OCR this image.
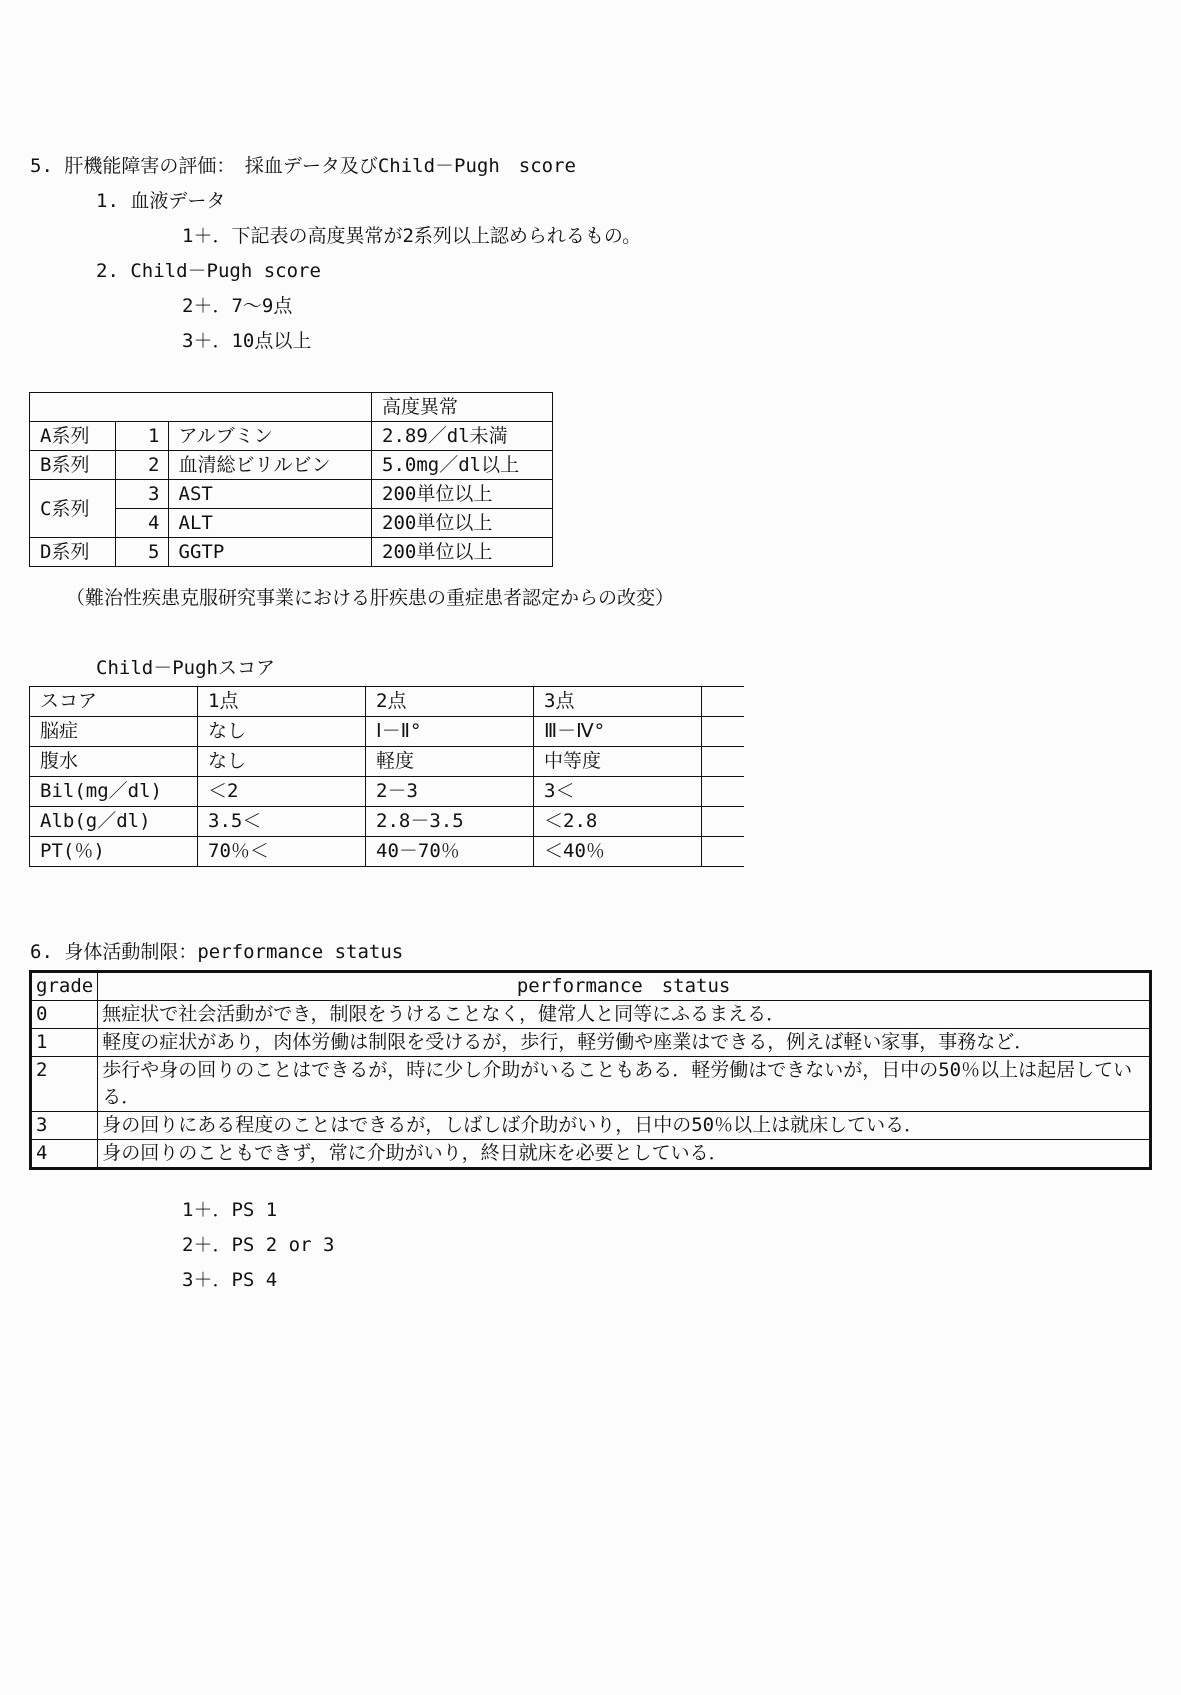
5. 肝機能障害の評価：　採血データ及びChild－Pugh　score
1. 血液データ
1＋．下記表の高度異常が2系列以上認められるもの。
2. Child－Pugh score
2＋．7～9点
3＋．10点以上
			高度異常
A系列	1	アルブミン	2.89／dl未満
B系列	2	血清総ビリルビン	5.0mg／dl以上
C系列	3	AST	200単位以上
	4	ALT	200単位以上
D系列	5	GGTP	200単位以上
（難治性疾患克服研究事業における肝疾患の重症患者認定からの改変）
Child－Pughスコア
スコア	1点	2点	3点	
脳症	なし	Ⅰ－Ⅱ°	Ⅲ－Ⅳ°	
腹水	なし	軽度	中等度	
Bil(mg／dl)	＜2	2－3	3＜	
Alb(g／dl)	3.5＜	2.8－3.5	＜2.8	
PT(％)	70％＜	40－70％	＜40％	
6. 身体活動制限：performance status
grade	performance　status
0	無症状で社会活動ができ，制限をうけることなく，健常人と同等にふるまえる．
1	軽度の症状があり，肉体労働は制限を受けるが，歩行，軽労働や座業はできる，例えば軽い家事，事務など．
2	歩行や身の回りのことはできるが，時に少し介助がいることもある．軽労働はできないが，日中の50％以上は起居している．
3	身の回りにある程度のことはできるが，しばしば介助がいり，日中の50％以上は就床している．
4	身の回りのこともできず，常に介助がいり，終日就床を必要としている．
1＋．PS 1
2＋．PS 2 or 3
3＋．PS 4
